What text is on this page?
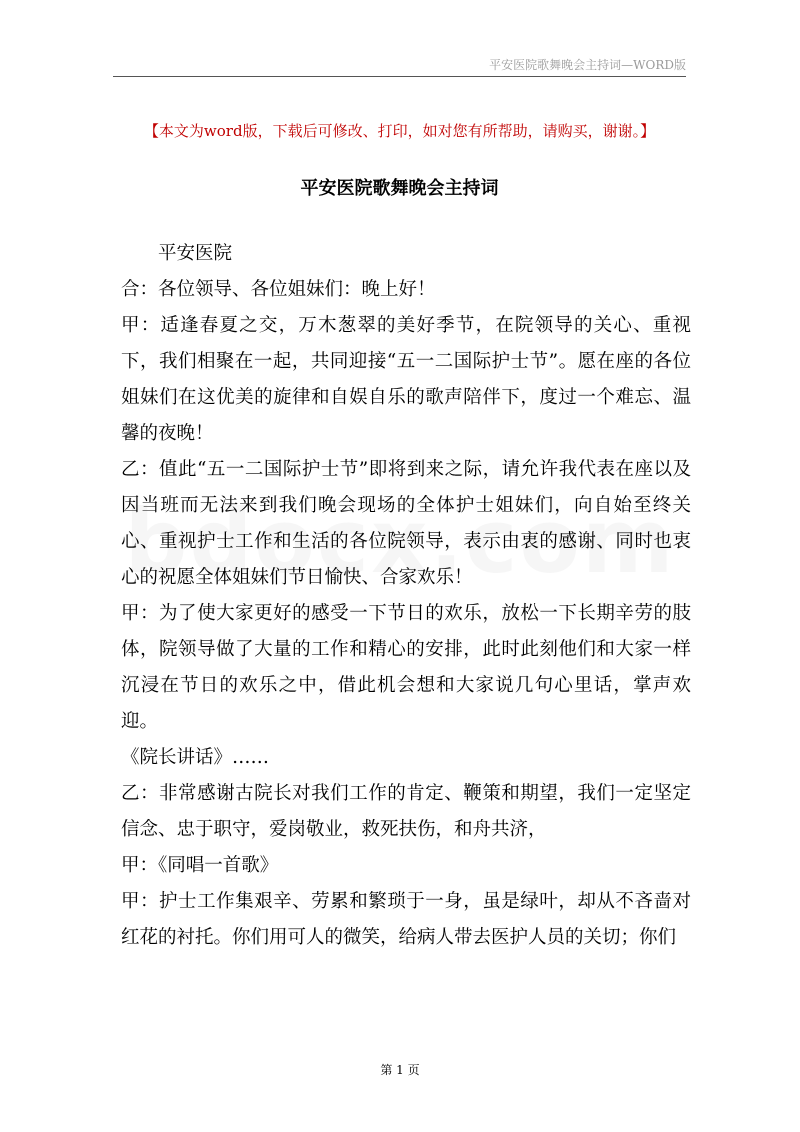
平安医院歌舞晚会主持词—WORD版
【本文为word版，下载后可修改、打印，如对您有所帮助，请购买，谢谢。】
平安医院歌舞晚会主持词

平安医院

合：各位领导、各位姐妹们：晚上好！

甲：适逢春夏之交，万木葱翠的美好季节，在院领导的关心、重视下，我们相聚在一起，共同迎接“五一二国际护士节”。愿在座的各位姐妹们在这优美的旋律和自娱自乐的歌声陪伴下，度过一个难忘、温馨的夜晚！

乙：值此“五一二国际护士节”即将到来之际，请允许我代表在座以及因当班而无法来到我们晚会现场的全体护士姐妹们，向自始至终关心、重视护士工作和生活的各位院领导，表示由衷的感谢、同时也衷心的祝愿全体姐妹们节日愉快、合家欢乐！

甲：为了使大家更好的感受一下节日的欢乐，放松一下长期辛劳的肢体，院领导做了大量的工作和精心的安排，此时此刻他们和大家一样沉浸在节日的欢乐之中，借此机会想和大家说几句心里话，掌声欢迎。

《院长讲话》……

乙：非常感谢古院长对我们工作的肯定、鞭策和期望，我们一定坚定信念、忠于职守，爱岗敬业，救死扶伤，和舟共济，

甲：《同唱一首歌》

甲：护士工作集艰辛、劳累和繁琐于一身，虽是绿叶，却从不吝啬对红花的衬托。你们用可人的微笑，给病人带去医护人员的关切；你们

第 1 页
